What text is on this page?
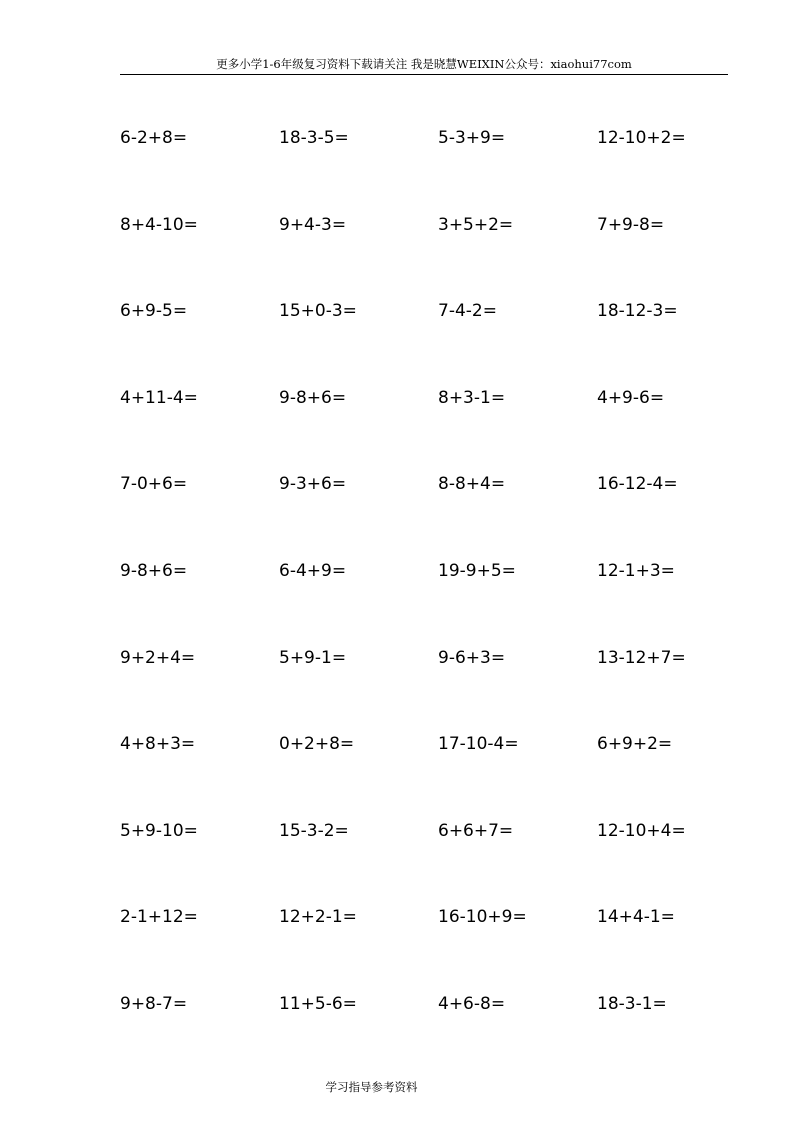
更多小学1-6年级复习资料下载请关注 我是晓慧WEIXIN公众号：xiaohui77com
6-2+8=	18-3-5=	5-3+9=	12-10+2=
8+4-10=	9+4-3=	3+5+2=	7+9-8=
6+9-5=	15+0-3=	7-4-2=	18-12-3=
4+11-4=	9-8+6=	8+3-1=	4+9-6=
7-0+6=	9-3+6=	8-8+4=	16-12-4=
9-8+6=	6-4+9=	19-9+5=	12-1+3=
9+2+4=	5+9-1=	9-6+3=	13-12+7=
4+8+3=	0+2+8=	17-10-4=	6+9+2=
5+9-10=	15-3-2=	6+6+7=	12-10+4=
2-1+12=	12+2-1=	16-10+9=	14+4-1=
9+8-7=	11+5-6=	4+6-8=	18-3-1=
学习指导参考资料
